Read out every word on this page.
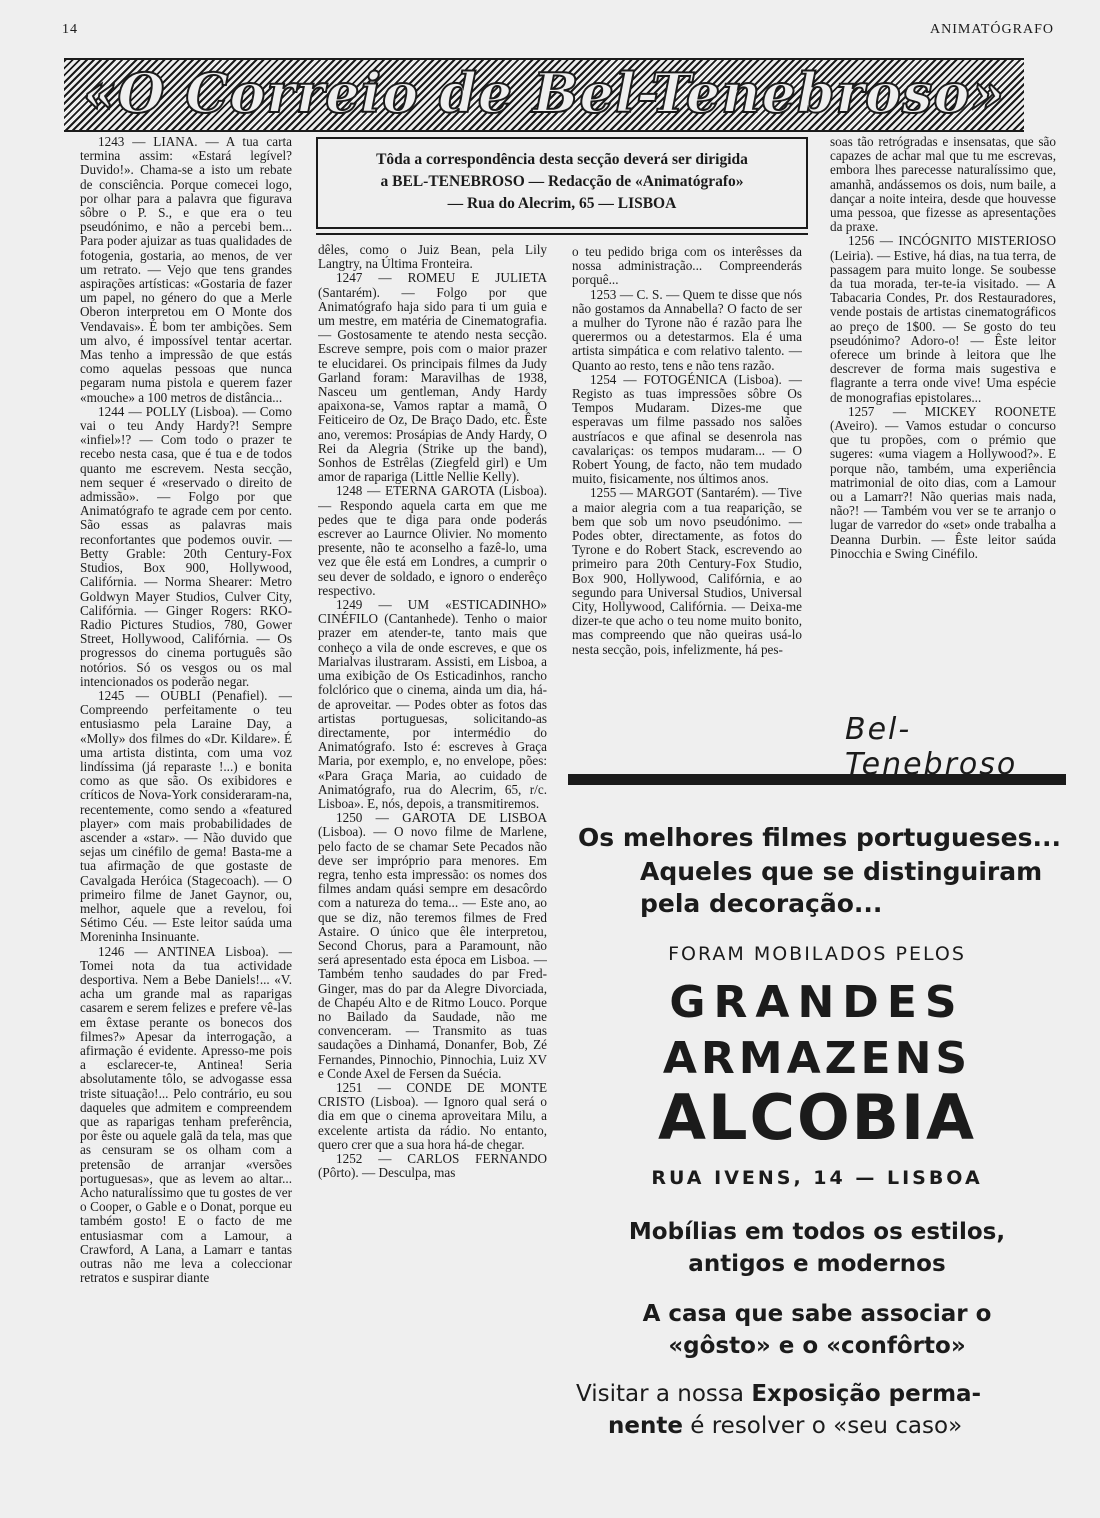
14	ANIMATÓGRAFO
«O Correio de Bel-Tenebroso»

1243 — LIANA. — A tua carta termina assim: «Estará legível? Duvido!». Chama-se a isto um rebate de consciência. Porque comecei logo, por olhar para a palavra que figurava sôbre o P. S., e que era o teu pseudónimo, e não a percebi bem... Para poder ajuizar as tuas qualidades de fotogenia, gostaria, ao menos, de ver um retrato. — Vejo que tens grandes aspirações artísticas: «Gostaria de fazer um papel, no género do que a Merle Oberon interpretou em O Monte dos Vendavais». É bom ter ambições. Sem um alvo, é impossível tentar acertar. Mas tenho a impressão de que estás como aquelas pessoas que nunca pegaram numa pistola e querem fazer «mouche» a 100 metros de distância...

1244 — POLLY (Lisboa). — Como vai o teu Andy Hardy?! Sempre «infiel»!? — Com todo o prazer te recebo nesta casa, que é tua e de todos quanto me escrevem. Nesta secção, nem sequer é «reservado o direito de admissão». — Folgo por que Animatógrafo te agrade cem por cento. São essas as palavras mais reconfortantes que podemos ouvir. — Betty Grable: 20th Century-Fox Studios, Box 900, Hollywood, Califórnia. — Norma Shearer: Metro Goldwyn Mayer Studios, Culver City, Califórnia. — Ginger Rogers: RKO-Radio Pictures Studios, 780, Gower Street, Hollywood, Califórnia. — Os progressos do cinema português são notórios. Só os vesgos ou os mal intencionados os poderão negar.

1245 — OUBLI (Penafiel). — Compreendo perfeitamente o teu entusiasmo pela Laraine Day, a «Molly» dos filmes do «Dr. Kildare». É uma artista distinta, com uma voz lindíssima (já reparaste !...) e bonita como as que são. Os exibidores e críticos de Nova-York consideraram-na, recentemente, como sendo a «featured player» com mais probabilidades de ascender a «star». — Não duvido que sejas um cinéfilo de gema! Basta-me a tua afirmação de que gostaste de Cavalgada Heróica (Stagecoach). — O primeiro filme de Janet Gaynor, ou, melhor, aquele que a revelou, foi Sétimo Céu. — Este leitor saúda uma Moreninha Insinuante.

1246 — ANTINEA Lisboa). — Tomei nota da tua actividade desportiva. Nem a Bebe Daniels!... «V. acha um grande mal as raparigas casarem e serem felizes e prefere vê-las em êxtase perante os bonecos dos filmes?» Apesar da interrogação, a afirmação é evidente. Apresso-me pois a esclarecer-te, Antinea! Seria absolutamente tôlo, se advogasse essa triste situação!... Pelo contrário, eu sou daqueles que admitem e compreendem que as raparigas tenham preferência, por êste ou aquele galã da tela, mas que as censuram se os olham com a pretensão de arranjar «versões portuguesas», que as levem ao altar... Acho naturalíssimo que tu gostes de ver o Cooper, o Gable e o Donat, porque eu também gosto! E o facto de me entusiasmar com a Lamour, a Crawford, A Lana, a Lamarr e tantas outras não me leva a coleccionar retratos e suspirar diante

Tôda a correspondência desta secção deverá ser dirigida
a BEL-TENEBROSO — Redacção de «Animatógrafo»
— Rua do Alecrim, 65 — LISBOA

dêles, como o Juiz Bean, pela Lily Langtry, na Última Fronteira.

1247 — ROMEU E JULIETA (Santarém). — Folgo por que Animatógrafo haja sido para ti um guia e um mestre, em matéria de Cinematografia. — Gostosamente te atendo nesta secção. Escreve sempre, pois com o maior prazer te elucidarei. Os principais filmes da Judy Garland foram: Maravilhas de 1938, Nasceu um gentleman, Andy Hardy apaixona-se, Vamos raptar a mamã, O Feiticeiro de Oz, De Braço Dado, etc. Êste ano, veremos: Prosápias de Andy Hardy, O Rei da Alegria (Strike up the band), Sonhos de Estrêlas (Ziegfeld girl) e Um amor de rapariga (Little Nellie Kelly).

1248 — ETERNA GAROTA (Lisboa). — Respondo aquela carta em que me pedes que te diga para onde poderás escrever ao Laurnce Olivier. No momento presente, não te aconselho a fazê-lo, uma vez que êle está em Londres, a cumprir o seu dever de soldado, e ignoro o enderêço respectivo.

1249 — UM «ESTICADINHO» CINÉFILO (Cantanhede). Tenho o maior prazer em atender-te, tanto mais que conheço a vila de onde escreves, e que os Marialvas ilustraram. Assisti, em Lisboa, a uma exibição de Os Esticadinhos, rancho folclórico que o cinema, ainda um dia, há-de aproveitar. — Podes obter as fotos das artistas portuguesas, solicitando-as directamente, por intermédio do Animatógrafo. Isto é: escreves à Graça Maria, por exemplo, e, no envelope, pões: «Para Graça Maria, ao cuidado de Animatógrafo, rua do Alecrim, 65, r/c. Lisboa». E, nós, depois, a transmitiremos.

1250 — GAROTA DE LISBOA (Lisboa). — O novo filme de Marlene, pelo facto de se chamar Sete Pecados não deve ser impróprio para menores. Em regra, tenho esta impressão: os nomes dos filmes andam quási sempre em desacôrdo com a natureza do tema... — Este ano, ao que se diz, não teremos filmes de Fred Astaire. O único que êle interpretou, Second Chorus, para a Paramount, não será apresentado esta época em Lisboa. — Também tenho saudades do par Fred-Ginger, mas do par da Alegre Divorciada, de Chapéu Alto e de Ritmo Louco. Porque no Bailado da Saudade, não me convenceram. — Transmito as tuas saudações a Dinhamá, Donanfer, Bob, Zé Fernandes, Pinnochio, Pinnochia, Luiz XV e Conde Axel de Fersen da Suécia.

1251 — CONDE DE MONTE CRISTO (Lisboa). — Ignoro qual será o dia em que o cinema aproveitara Milu, a excelente artista da rádio. No entanto, quero crer que a sua hora há-de chegar.

1252 — CARLOS FERNANDO (Pôrto). — Desculpa, mas

o teu pedido briga com os interêsses da nossa administração... Compreenderás porquê...

1253 — C. S. — Quem te disse que nós não gostamos da Annabella? O facto de ser a mulher do Tyrone não é razão para lhe querermos ou a detestarmos. Ela é uma artista simpática e com relativo talento. — Quanto ao resto, tens e não tens razão.

1254 — FOTOGÉNICA (Lisboa). — Registo as tuas impressões sôbre Os Tempos Mudaram. Dizes-me que esperavas um filme passado nos salões austríacos e que afinal se desenrola nas cavalariças: os tempos mudaram... — O Robert Young, de facto, não tem mudado muito, fisicamente, nos últimos anos.

1255 — MARGOT (Santarém). — Tive a maior alegria com a tua reaparição, se bem que sob um novo pseudónimo. — Podes obter, directamente, as fotos do Tyrone e do Robert Stack, escrevendo ao primeiro para 20th Century-Fox Studio, Box 900, Hollywood, Califórnia, e ao segundo para Universal Studios, Universal City, Hollywood, Califórnia. — Deixa-me dizer-te que acho o teu nome muito bonito, mas compreendo que não queiras usá-lo nesta secção, pois, infelizmente, há pes-

soas tão retrógradas e insensatas, que são capazes de achar mal que tu me escrevas, embora lhes parecesse naturalíssimo que, amanhã, andássemos os dois, num baile, a dançar a noite inteira, desde que houvesse uma pessoa, que fizesse as apresentações da praxe.

1256 — INCÓGNITO MISTERIOSO (Leiria). — Estive, há dias, na tua terra, de passagem para muito longe. Se soubesse da tua morada, ter-te-ia visitado. — A Tabacaria Condes, Pr. dos Restauradores, vende postais de artistas cinematográficos ao preço de 1$00. — Se gosto do teu pseudónimo? Adoro-o! — Êste leitor oferece um brinde à leitora que lhe descrever de forma mais sugestiva e flagrante a terra onde vive! Uma espécie de monografias epistolares...

1257 — MICKEY ROONETE (Aveiro). — Vamos estudar o concurso que tu propões, com o prémio que sugeres: «uma viagem a Hollywood?». E porque não, também, uma experiência matrimonial de oito dias, com a Lamour ou a Lamarr?! Não querias mais nada, não?! — Também vou ver se te arranjo o lugar de varredor do «set» onde trabalha a Deanna Durbin. — Êste leitor saúda Pinocchia e Swing Cinéfilo.

Bel-Tenebroso
Os melhores filmes portugueses...
Aqueles que se distinguiram
pela decoração...
FORAM MOBILADOS PELOS
GRANDES
ARMAZENS
ALCOBIA
RUA IVENS, 14 — LISBOA
Mobílias em todos os estilos,
antigos e modernos
A casa que sabe associar o
«gôsto» e o «confôrto»
Visitar a nossa Exposição perma-
nente é resolver o «seu caso»
